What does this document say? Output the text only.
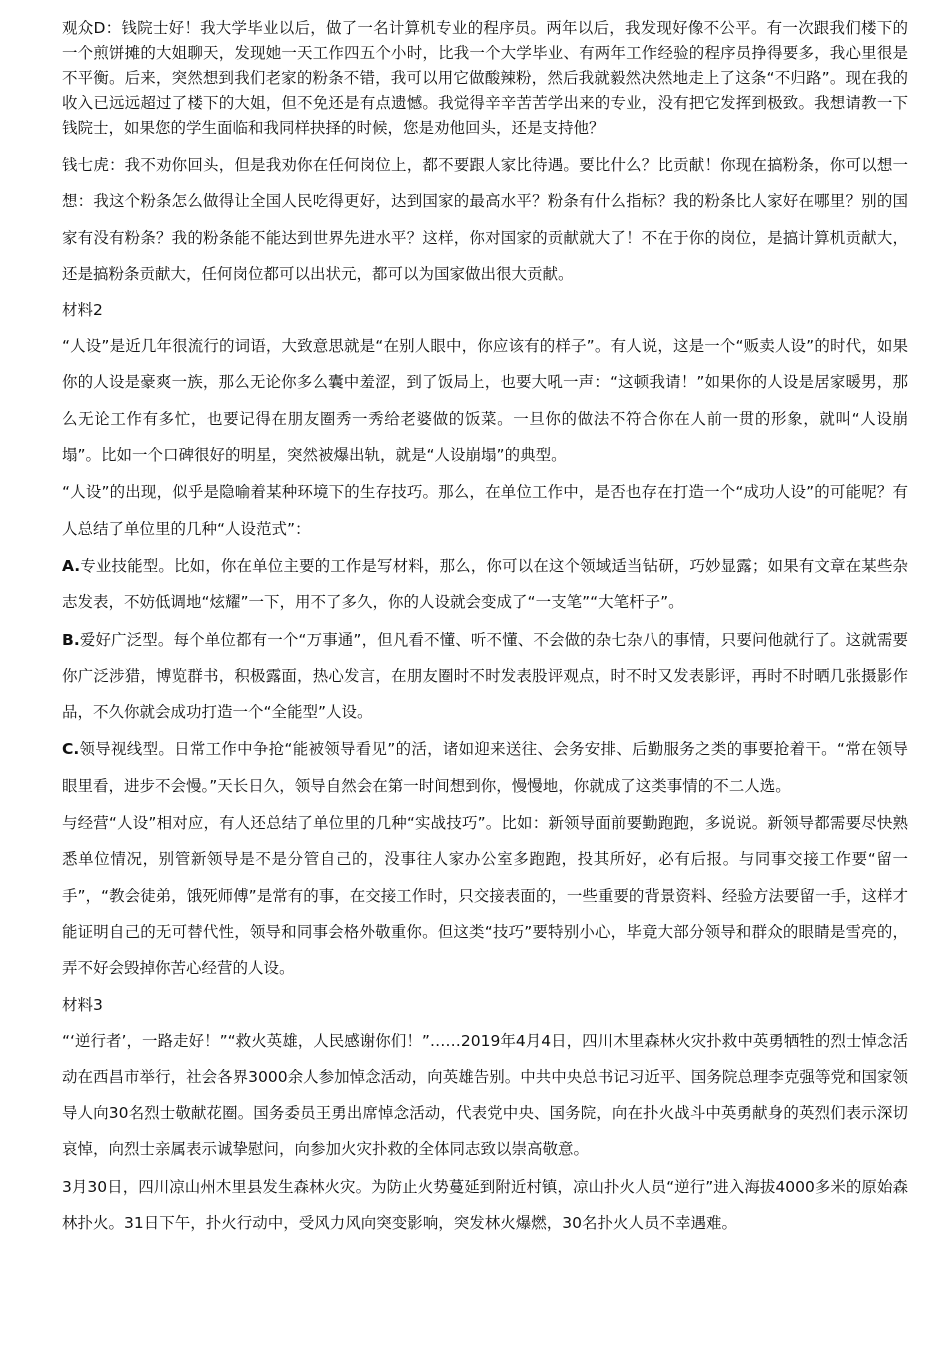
观众D：钱院士好！我大学毕业以后，做了一名计算机专业的程序员。两年以后，我发现好像不公平。有一次跟我们楼下的一个煎饼摊的大姐聊天，发现她一天工作四五个小时，比我一个大学毕业、有两年工作经验的程序员挣得要多，我心里很是不平衡。后来，突然想到我们老家的粉条不错，我可以用它做酸辣粉，然后我就毅然决然地走上了这条“不归路”。现在我的收入已远远超过了楼下的大姐，但不免还是有点遗憾。我觉得辛辛苦苦学出来的专业，没有把它发挥到极致。我想请教一下钱院士，如果您的学生面临和我同样抉择的时候，您是劝他回头，还是支持他？

钱七虎：我不劝你回头，但是我劝你在任何岗位上，都不要跟人家比待遇。要比什么？比贡献！你现在搞粉条，你可以想一想：我这个粉条怎么做得让全国人民吃得更好，达到国家的最高水平？粉条有什么指标？我的粉条比人家好在哪里？别的国家有没有粉条？我的粉条能不能达到世界先进水平？这样，你对国家的贡献就大了！不在于你的岗位，是搞计算机贡献大，还是搞粉条贡献大，任何岗位都可以出状元，都可以为国家做出很大贡献。

材料2

“人设”是近几年很流行的词语，大致意思就是“在别人眼中，你应该有的样子”。有人说，这是一个“贩卖人设”的时代，如果你的人设是豪爽一族，那么无论你多么囊中羞涩，到了饭局上，也要大吼一声：“这顿我请！”如果你的人设是居家暖男，那么无论工作有多忙，也要记得在朋友圈秀一秀给老婆做的饭菜。一旦你的做法不符合你在人前一贯的形象，就叫“人设崩塌”。比如一个口碑很好的明星，突然被爆出轨，就是“人设崩塌”的典型。

“人设”的出现，似乎是隐喻着某种环境下的生存技巧。那么，在单位工作中，是否也存在打造一个“成功人设”的可能呢？有人总结了单位里的几种“人设范式”：

A.专业技能型。比如，你在单位主要的工作是写材料，那么，你可以在这个领域适当钻研，巧妙显露；如果有文章在某些杂志发表，不妨低调地“炫耀”一下，用不了多久，你的人设就会变成了“一支笔”“大笔杆子”。

B.爱好广泛型。每个单位都有一个“万事通”，但凡看不懂、听不懂、不会做的杂七杂八的事情，只要问他就行了。这就需要你广泛涉猎，博览群书，积极露面，热心发言，在朋友圈时不时发表股评观点，时不时又发表影评，再时不时晒几张摄影作品，不久你就会成功打造一个“全能型”人设。

C.领导视线型。日常工作中争抢“能被领导看见”的活，诸如迎来送往、会务安排、后勤服务之类的事要抢着干。“常在领导眼里看，进步不会慢。”天长日久，领导自然会在第一时间想到你，慢慢地，你就成了这类事情的不二人选。

与经营“人设”相对应，有人还总结了单位里的几种“实战技巧”。比如：新领导面前要勤跑跑，多说说。新领导都需要尽快熟悉单位情况，别管新领导是不是分管自己的，没事往人家办公室多跑跑，投其所好，必有后报。与同事交接工作要“留一手”，“教会徒弟，饿死师傅”是常有的事，在交接工作时，只交接表面的，一些重要的背景资料、经验方法要留一手，这样才能证明自己的无可替代性，领导和同事会格外敬重你。但这类“技巧”要特别小心，毕竟大部分领导和群众的眼睛是雪亮的，弄不好会毁掉你苦心经营的人设。

材料3

“‘逆行者’，一路走好！”“救火英雄，人民感谢你们！”……2019年4月4日，四川木里森林火灾扑救中英勇牺牲的烈士悼念活动在西昌市举行，社会各界3000余人参加悼念活动，向英雄告别。中共中央总书记习近平、国务院总理李克强等党和国家领导人向30名烈士敬献花圈。国务委员王勇出席悼念活动，代表党中央、国务院，向在扑火战斗中英勇献身的英烈们表示深切哀悼，向烈士亲属表示诚挚慰问，向参加火灾扑救的全体同志致以崇高敬意。

3月30日，四川凉山州木里县发生森林火灾。为防止火势蔓延到附近村镇，凉山扑火人员“逆行”进入海拔4000多米的原始森林扑火。31日下午，扑火行动中，受风力风向突变影响，突发林火爆燃，30名扑火人员不幸遇难。
